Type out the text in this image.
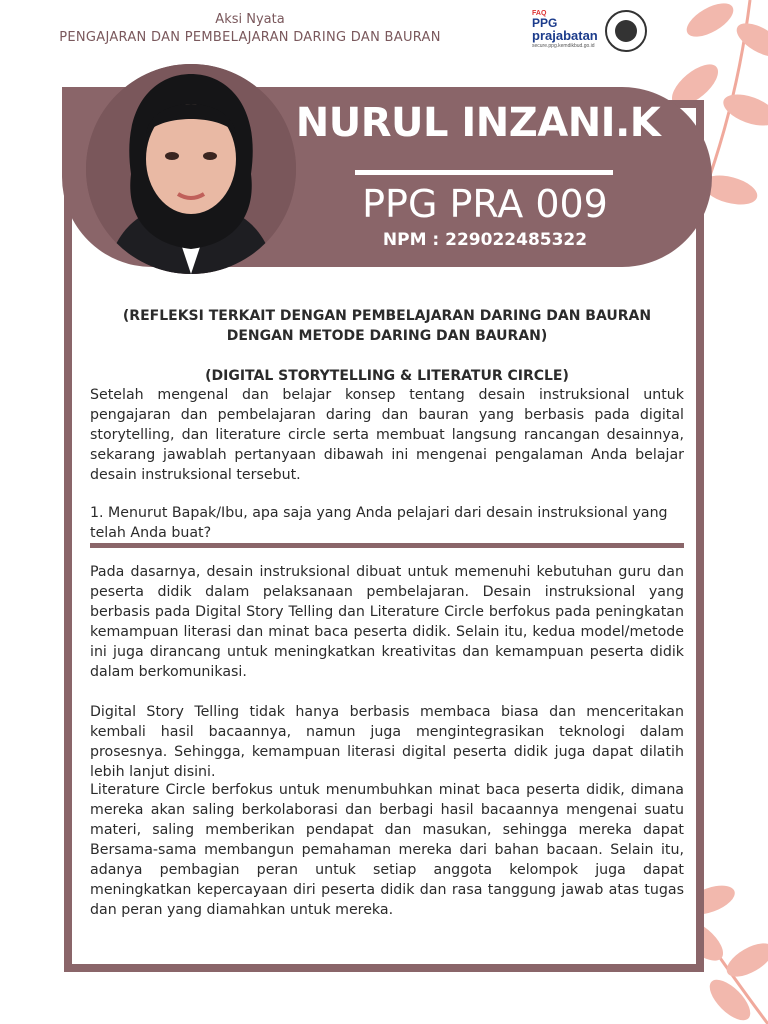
Aksi Nyata
PENGAJARAN DAN PEMBELAJARAN DARING DAN BAURAN
FAQ
PPG
prajabatan
secure.ppg.kemdikbud.go.id
NURUL INZANI.K
PPG PRA 009
NPM : 229022485322
(REFLEKSI TERKAIT DENGAN PEMBELAJARAN DARING DAN BAURAN DENGAN METODE DARING DAN BAURAN)
(DIGITAL STORYTELLING & LITERATUR CIRCLE)
Setelah mengenal dan belajar konsep tentang desain instruksional untuk pengajaran dan pembelajaran daring dan bauran yang berbasis pada digital storytelling, dan literature circle serta membuat langsung rancangan desainnya, sekarang jawablah pertanyaan dibawah ini mengenai pengalaman Anda belajar desain instruksional tersebut.
1. Menurut Bapak/Ibu, apa saja yang Anda pelajari dari desain instruksional yang telah Anda buat?
Pada dasarnya, desain instruksional dibuat untuk memenuhi kebutuhan guru dan peserta didik dalam pelaksanaan pembelajaran. Desain instruksional yang berbasis pada Digital Story Telling dan Literature Circle berfokus pada peningkatan kemampuan literasi dan minat baca peserta didik. Selain itu, kedua model/metode ini juga dirancang untuk meningkatkan kreativitas dan kemampuan peserta didik dalam berkomunikasi.
Digital Story Telling tidak hanya berbasis membaca biasa dan menceritakan kembali hasil bacaannya, namun juga mengintegrasikan teknologi dalam prosesnya. Sehingga, kemampuan literasi digital peserta didik juga dapat dilatih lebih lanjut disini.
Literature Circle berfokus untuk menumbuhkan minat baca peserta didik, dimana mereka akan saling berkolaborasi dan berbagi hasil bacaannya mengenai suatu materi, saling memberikan pendapat dan masukan, sehingga mereka dapat Bersama-sama membangun pemahaman mereka dari bahan bacaan. Selain itu, adanya pembagian peran untuk setiap anggota kelompok juga dapat meningkatkan kepercayaan diri peserta didik dan rasa tanggung jawab atas tugas dan peran yang diamahkan untuk mereka.
